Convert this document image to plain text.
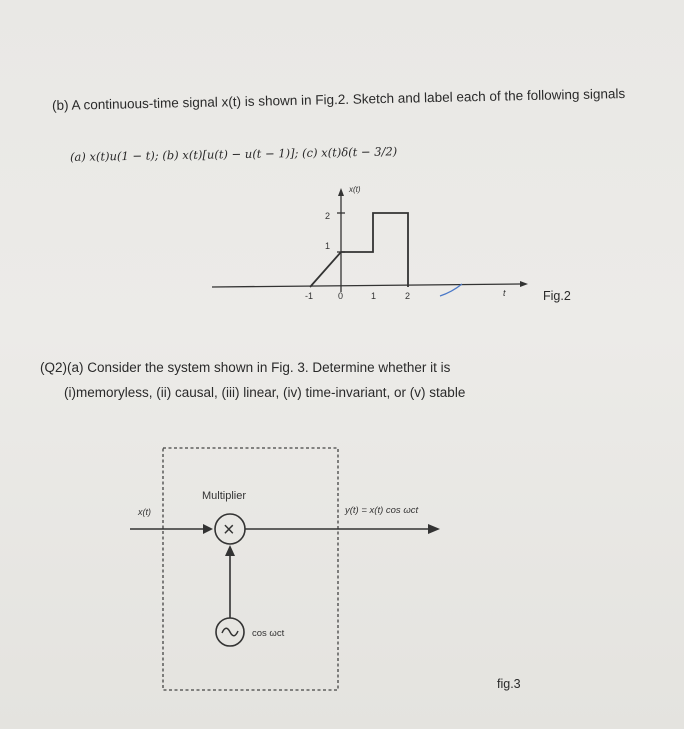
(b) A continuous-time signal x(t) is shown in Fig.2. Sketch and label each of the following signals
(a) x(t)u(1 − t); (b) x(t)[u(t) − u(t − 1)]; (c) x(t)δ(t − 3/2)
x(t)
t
-1	0	1	2
1
2
Multiplier
×
x(t)	y(t) = x(t) cos ωct
cos ωct
Fig.2
(Q2)(a) Consider the system shown in Fig. 3. Determine whether it is
(i)memoryless, (ii) causal, (iii) linear, (iv) time-invariant, or (v) stable
fig.3
